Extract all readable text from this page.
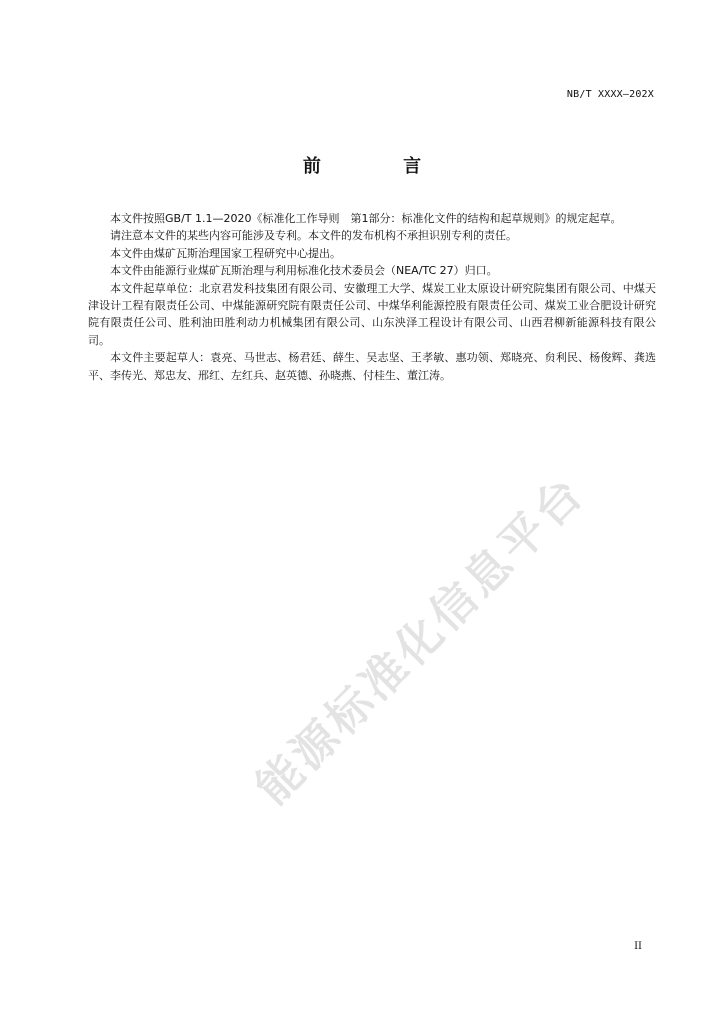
NB/T XXXX—202X
前 言

本文件按照GB/T 1.1—2020《标准化工作导则　第1部分：标准化文件的结构和起草规则》的规定起草。

请注意本文件的某些内容可能涉及专利。本文件的发布机构不承担识别专利的责任。

本文件由煤矿瓦斯治理国家工程研究中心提出。

本文件由能源行业煤矿瓦斯治理与利用标准化技术委员会（NEA/TC 27）归口。

本文件起草单位：北京君发科技集团有限公司、安徽理工大学、煤炭工业太原设计研究院集团有限公司、中煤天津设计工程有限责任公司、中煤能源研究院有限责任公司、中煤华利能源控股有限责任公司、煤炭工业合肥设计研究院有限责任公司、胜利油田胜利动力机械集团有限公司、山东泱泽工程设计有限公司、山西君柳新能源科技有限公司。

本文件主要起草人：袁亮、马世志、杨君廷、薛生、吴志坚、王孝敏、惠功领、郑晓亮、贠利民、杨俊辉、龚选平、李传光、郑忠友、邢红、左红兵、赵英德、孙晓燕、付桂生、董江涛。

能源标准化信息平台
II
